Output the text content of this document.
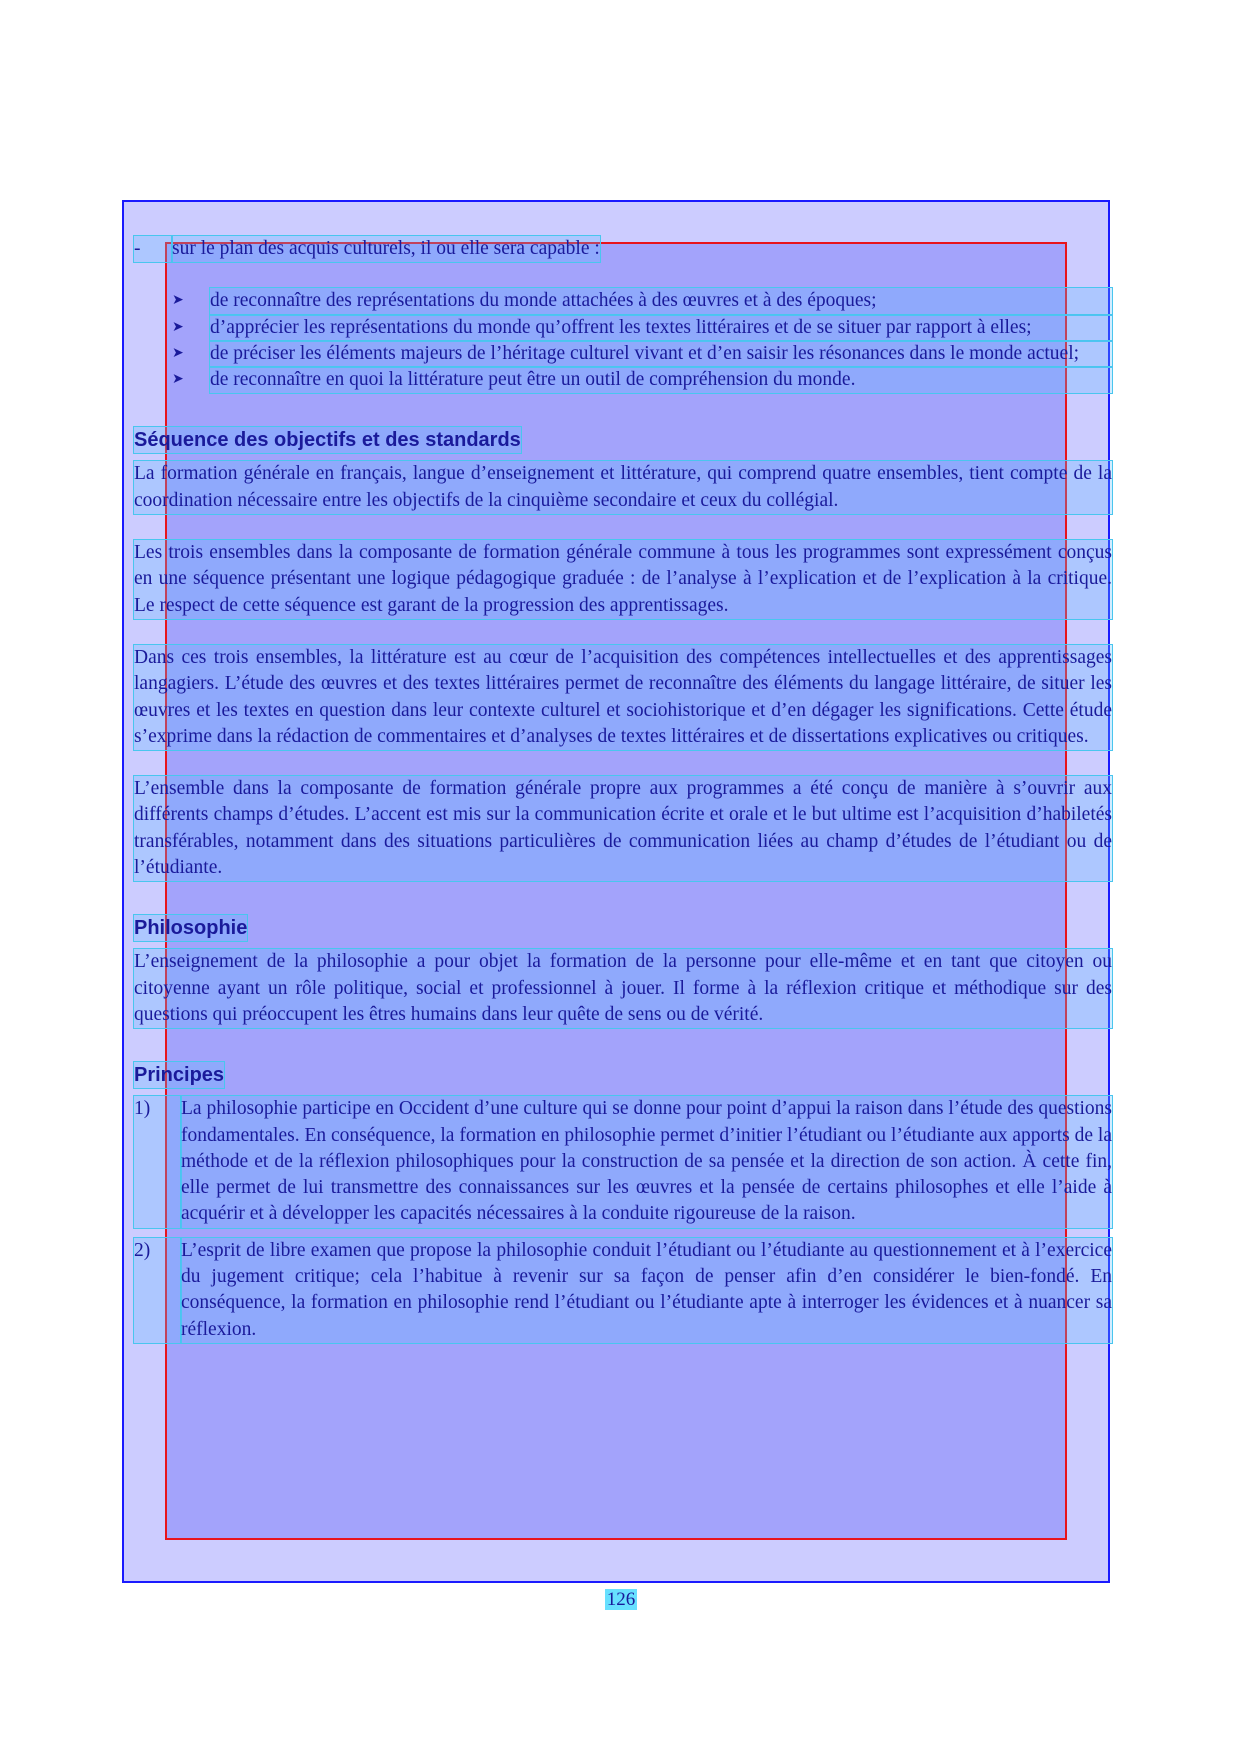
-	sur le plan des acquis culturels, il ou elle sera capable :
➤	de reconnaître des représentations du monde attachées à des œuvres et à des époques;
➤	d’apprécier les représentations du monde qu’offrent les textes littéraires et de se situer par rapport à elles;
➤	de préciser les éléments majeurs de l’héritage culturel vivant et d’en saisir les résonances dans le monde actuel;
➤	de reconnaître en quoi la littérature peut être un outil de compréhension du monde.
Séquence des objectifs et des standards

La formation générale en français, langue d’enseignement et littérature, qui comprend quatre ensembles, tient compte de la coordination nécessaire entre les objectifs de la cinquième secondaire et ceux du collégial.

Les trois ensembles dans la composante de formation générale commune à tous les programmes sont expressément conçus en une séquence présentant une logique pédagogique graduée : de l’analyse à l’explication et de l’explication à la critique. Le respect de cette séquence est garant de la progression des apprentissages.

Dans ces trois ensembles, la littérature est au cœur de l’acquisition des compétences intellectuelles et des apprentissages langagiers. L’étude des œuvres et des textes littéraires permet de reconnaître des éléments du langage littéraire, de situer les œuvres et les textes en question dans leur contexte culturel et sociohistorique et d’en dégager les significations. Cette étude s’exprime dans la rédaction de commentaires et d’analyses de textes littéraires et de dissertations explicatives ou critiques.

L’ensemble dans la composante de formation générale propre aux programmes a été conçu de manière à s’ouvrir aux différents champs d’études. L’accent est mis sur la communication écrite et orale et le but ultime est l’acquisition d’habiletés transférables, notamment dans des situations particulières de communication liées au champ d’études de l’étudiant ou de l’étudiante.

Philosophie

L’enseignement de la philosophie a pour objet la formation de la personne pour elle-même et en tant que citoyen ou citoyenne ayant un rôle politique, social et professionnel à jouer. Il forme à la réflexion critique et méthodique sur des questions qui préoccupent les êtres humains dans leur quête de sens ou de vérité.

Principes
1)	La philosophie participe en Occident d’une culture qui se donne pour point d’appui la raison dans l’étude des questions fondamentales. En conséquence, la formation en philosophie permet d’initier l’étudiant ou l’étudiante aux apports de la méthode et de la réflexion philosophiques pour la construction de sa pensée et la direction de son action. À cette fin, elle permet de lui transmettre des connaissances sur les œuvres et la pensée de certains philosophes et elle l’aide à acquérir et à développer les capacités nécessaires à la conduite rigoureuse de la raison.
2)	L’esprit de libre examen que propose la philosophie conduit l’étudiant ou l’étudiante au questionnement et à l’exercice du jugement critique; cela l’habitue à revenir sur sa façon de penser afin d’en considérer le bien-fondé. En conséquence, la formation en philosophie rend l’étudiant ou l’étudiante apte à interroger les évidences et à nuancer sa réflexion.
126
